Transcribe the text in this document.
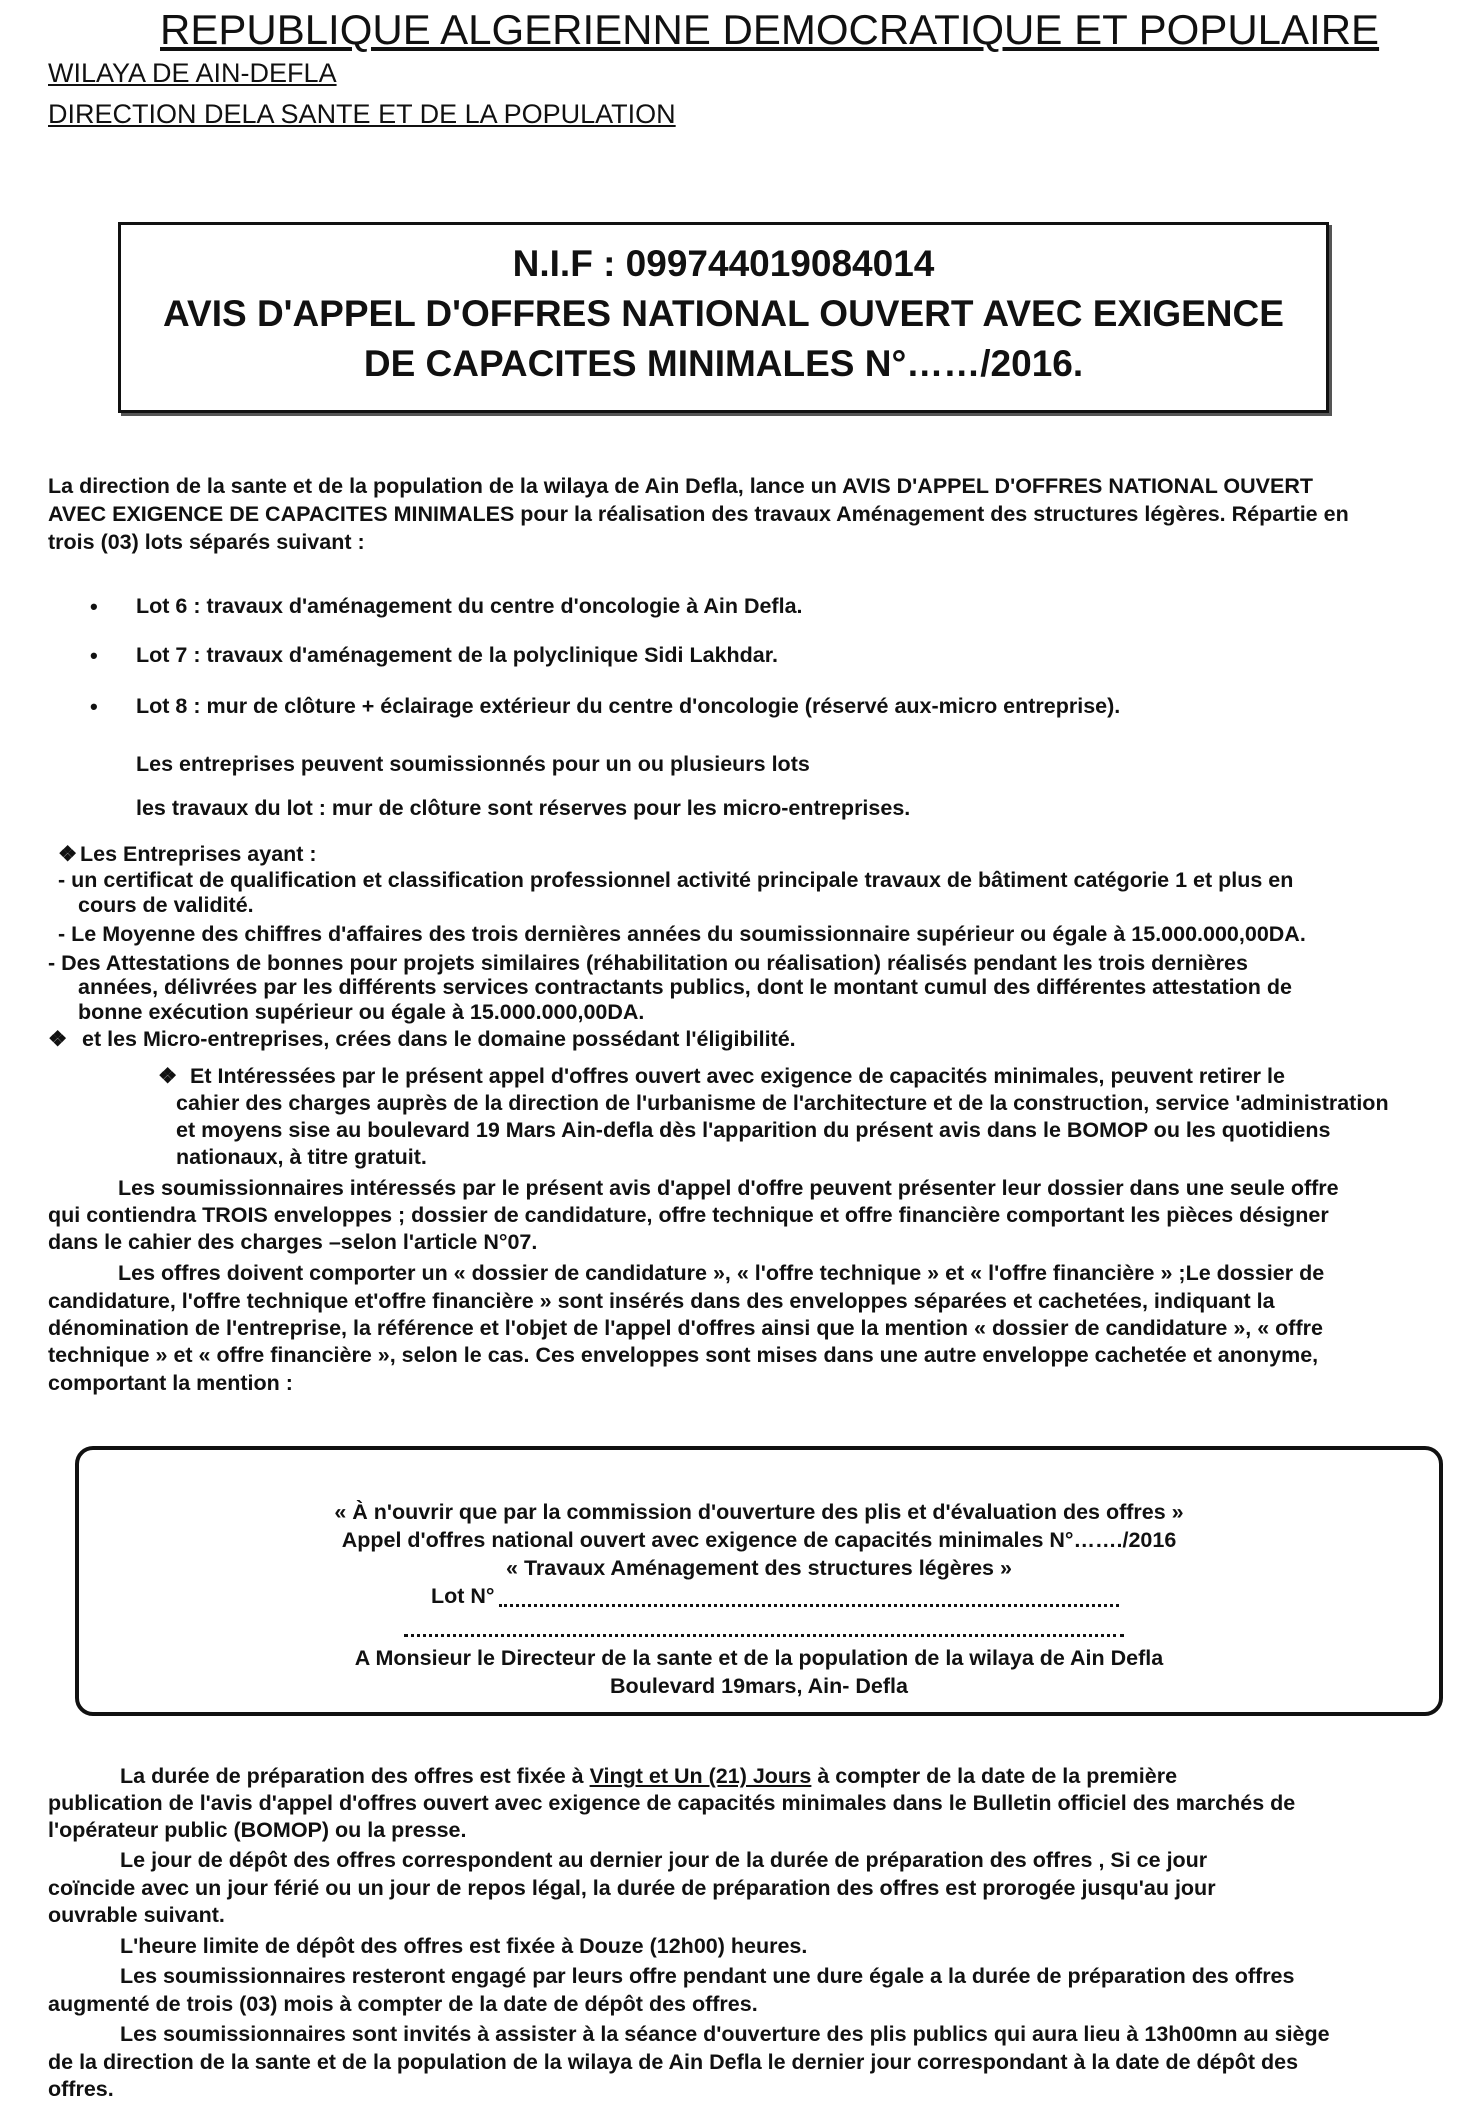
REPUBLIQUE ALGERIENNE DEMOCRATIQUE ET POPULAIRE
WILAYA DE AIN-DEFLA
DIRECTION DELA SANTE ET DE LA POPULATION
N.I.F : 099744019084014
AVIS D'APPEL D'OFFRES NATIONAL OUVERT AVEC EXIGENCE
DE CAPACITES MINIMALES N°……/2016.
La direction de la sante et de la population de la wilaya de Ain Defla, lance un AVIS D'APPEL D'OFFRES NATIONAL OUVERT
AVEC EXIGENCE DE CAPACITES MINIMALES pour la réalisation des travaux Aménagement des structures légères. Répartie en
trois (03) lots séparés suivant :
• Lot 6 : travaux d'aménagement du centre d'oncologie à Ain Defla.
• Lot 7 : travaux d'aménagement de la polyclinique Sidi Lakhdar.
• Lot 8 : mur de clôture + éclairage extérieur du centre d'oncologie (réservé aux-micro entreprise).
Les entreprises peuvent soumissionnés pour un ou plusieurs lots
les travaux du lot : mur de clôture sont réserves pour les micro-entreprises.
❖ Les Entreprises ayant :
- un certificat de qualification et classification professionnel activité principale travaux de bâtiment catégorie 1 et plus en
cours de validité.
- Le Moyenne des chiffres d'affaires des trois dernières années du soumissionnaire supérieur ou égale à 15.000.000,00DA.
- Des Attestations de bonnes pour projets similaires (réhabilitation ou réalisation) réalisés pendant les trois dernières
années, délivrées par les différents services contractants publics, dont le montant cumul des différentes attestation de
bonne exécution supérieur ou égale à 15.000.000,00DA.
❖ et les Micro-entreprises, crées dans le domaine possédant l'éligibilité.
❖ Et Intéressées par le présent appel d'offres ouvert avec exigence de capacités minimales, peuvent retirer le
cahier des charges auprès de la direction de l'urbanisme de l'architecture et de la construction, service 'administration
et moyens sise au boulevard 19 Mars Ain-defla dès l'apparition du présent avis dans le BOMOP ou les quotidiens
nationaux, à titre gratuit.
Les soumissionnaires intéressés par le présent avis d'appel d'offre peuvent présenter leur dossier dans une seule offre
qui contiendra TROIS enveloppes ; dossier de candidature, offre technique et offre financière comportant les pièces désigner
dans le cahier des charges –selon l'article N°07.
Les offres doivent comporter un « dossier de candidature », « l'offre technique » et « l'offre financière » ;Le dossier de
candidature, l'offre technique et'offre financière » sont insérés dans des enveloppes séparées et cachetées, indiquant la
dénomination de l'entreprise, la référence et l'objet de l'appel d'offres ainsi que la mention « dossier de candidature », « offre
technique » et « offre financière », selon le cas. Ces enveloppes sont mises dans une autre enveloppe cachetée et anonyme,
comportant la mention :
« À n'ouvrir que par la commission d'ouverture des plis et d'évaluation des offres »
Appel d'offres national ouvert avec exigence de capacités minimales N°……./2016
« Travaux Aménagement des structures légères »
Lot N°
A Monsieur le Directeur de la sante et de la population de la wilaya de Ain Defla
Boulevard 19mars, Ain- Defla
La durée de préparation des offres est fixée à Vingt et Un (21) Jours à compter de la date de la première
publication de l'avis d'appel d'offres ouvert avec exigence de capacités minimales dans le Bulletin officiel des marchés de
l'opérateur public (BOMOP) ou la presse.
Le jour de dépôt des offres correspondent au dernier jour de la durée de préparation des offres , Si ce jour
coïncide avec un jour férié ou un jour de repos légal, la durée de préparation des offres est prorogée jusqu'au jour
ouvrable suivant.
L'heure limite de dépôt des offres est fixée à Douze (12h00) heures.
Les soumissionnaires resteront engagé par leurs offre pendant une dure égale a la durée de préparation des offres
augmenté de trois (03) mois à compter de la date de dépôt des offres.
Les soumissionnaires sont invités à assister à la séance d'ouverture des plis publics qui aura lieu à 13h00mn au siège
de la direction de la sante et de la population de la wilaya de Ain Defla le dernier jour correspondant à la date de dépôt des
offres.
